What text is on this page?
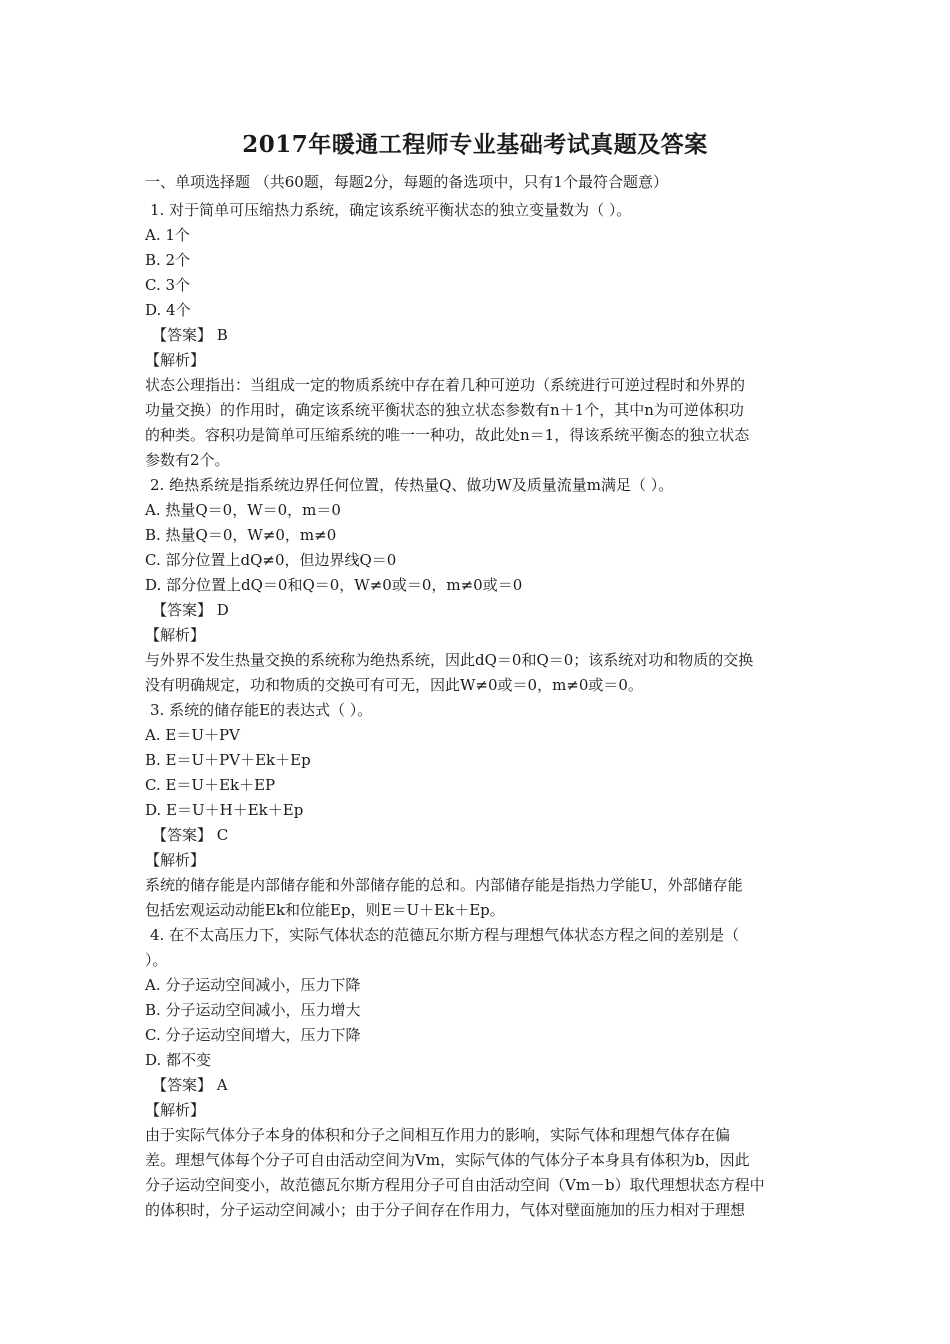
2017年暖通工程师专业基础考试真题及答案
一、单项选择题 （共60题，每题2分，每题的备选项中，只有1个最符合题意）
1. 对于简单可压缩热力系统，确定该系统平衡状态的独立变量数为（ ）。
A. 1个
B. 2个
C. 3个
D. 4个
【答案】 B
【解析】
状态公理指出：当组成一定的物质系统中存在着几种可逆功（系统进行可逆过程时和外界的
功量交换）的作用时，确定该系统平衡状态的独立状态参数有n＋1个，其中n为可逆体积功
的种类。容积功是简单可压缩系统的唯一一种功，故此处n＝1，得该系统平衡态的独立状态
参数有2个。
2. 绝热系统是指系统边界任何位置，传热量Q、做功W及质量流量m满足（ ）。
A. 热量Q＝0，W＝0，m＝0
B. 热量Q＝0，W≠0，m≠0
C. 部分位置上dQ≠0，但边界线Q＝0
D. 部分位置上dQ＝0和Q＝0，W≠0或＝0，m≠0或＝0
【答案】 D
【解析】
与外界不发生热量交换的系统称为绝热系统，因此dQ＝0和Q＝0；该系统对功和物质的交换
没有明确规定，功和物质的交换可有可无，因此W≠0或＝0，m≠0或＝0。
3. 系统的储存能E的表达式（ ）。
A. E＝U＋PV
B. E＝U＋PV＋Ek＋Ep
C. E＝U＋Ek＋EP
D. E＝U＋H＋Ek＋Ep
【答案】 C
【解析】
系统的储存能是内部储存能和外部储存能的总和。内部储存能是指热力学能U，外部储存能
包括宏观运动动能Ek和位能Ep，则E＝U＋Ek＋Ep。
4. 在不太高压力下，实际气体状态的范德瓦尔斯方程与理想气体状态方程之间的差别是（
）。
A. 分子运动空间减小，压力下降
B. 分子运动空间减小，压力增大
C. 分子运动空间增大，压力下降
D. 都不变
【答案】 A
【解析】
由于实际气体分子本身的体积和分子之间相互作用力的影响，实际气体和理想气体存在偏
差。理想气体每个分子可自由活动空间为Vm，实际气体的气体分子本身具有体积为b，因此
分子运动空间变小，故范德瓦尔斯方程用分子可自由活动空间（Vm－b）取代理想状态方程中
的体积时，分子运动空间减小；由于分子间存在作用力，气体对壁面施加的压力相对于理想
